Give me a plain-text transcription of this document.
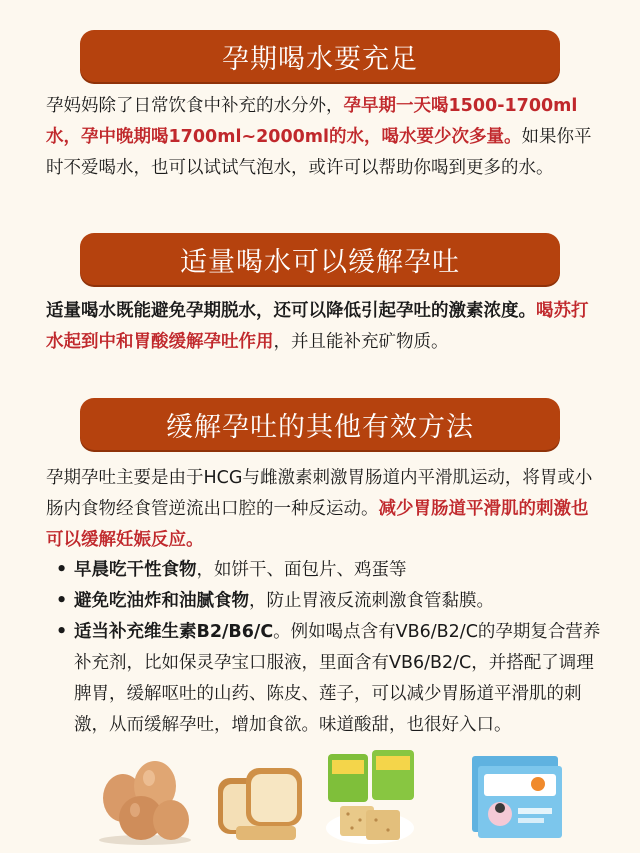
孕期喝水要充足

孕妈妈除了日常饮食中补充的水分外，孕早期一天喝1500-1700ml水，孕中晚期喝1700ml~2000ml的水，喝水要少次多量。如果你平时不爱喝水，也可以试试气泡水，或许可以帮助你喝到更多的水。

适量喝水可以缓解孕吐

适量喝水既能避免孕期脱水，还可以降低引起孕吐的激素浓度。喝苏打水起到中和胃酸缓解孕吐作用，并且能补充矿物质。

缓解孕吐的其他有效方法

孕期孕吐主要是由于HCG与雌激素刺激胃肠道内平滑肌运动，将胃或小肠内食物经食管逆流出口腔的一种反运动。减少胃肠道平滑肌的刺激也可以缓解妊娠反应。

• 早晨吃干性食物，如饼干、面包片、鸡蛋等
• 避免吃油炸和油腻食物，防止胃液反流刺激食管黏膜。
• 适当补充维生素B2/B6/C。例如喝点含有VB6/B2/C的孕期复合营养补充剂，比如保灵孕宝口服液，里面含有VB6/B2/C，并搭配了调理脾胃，缓解呕吐的山药、陈皮、莲子，可以减少胃肠道平滑肌的刺激，从而缓解孕吐，增加食欲。味道酸甜，也很好入口。
